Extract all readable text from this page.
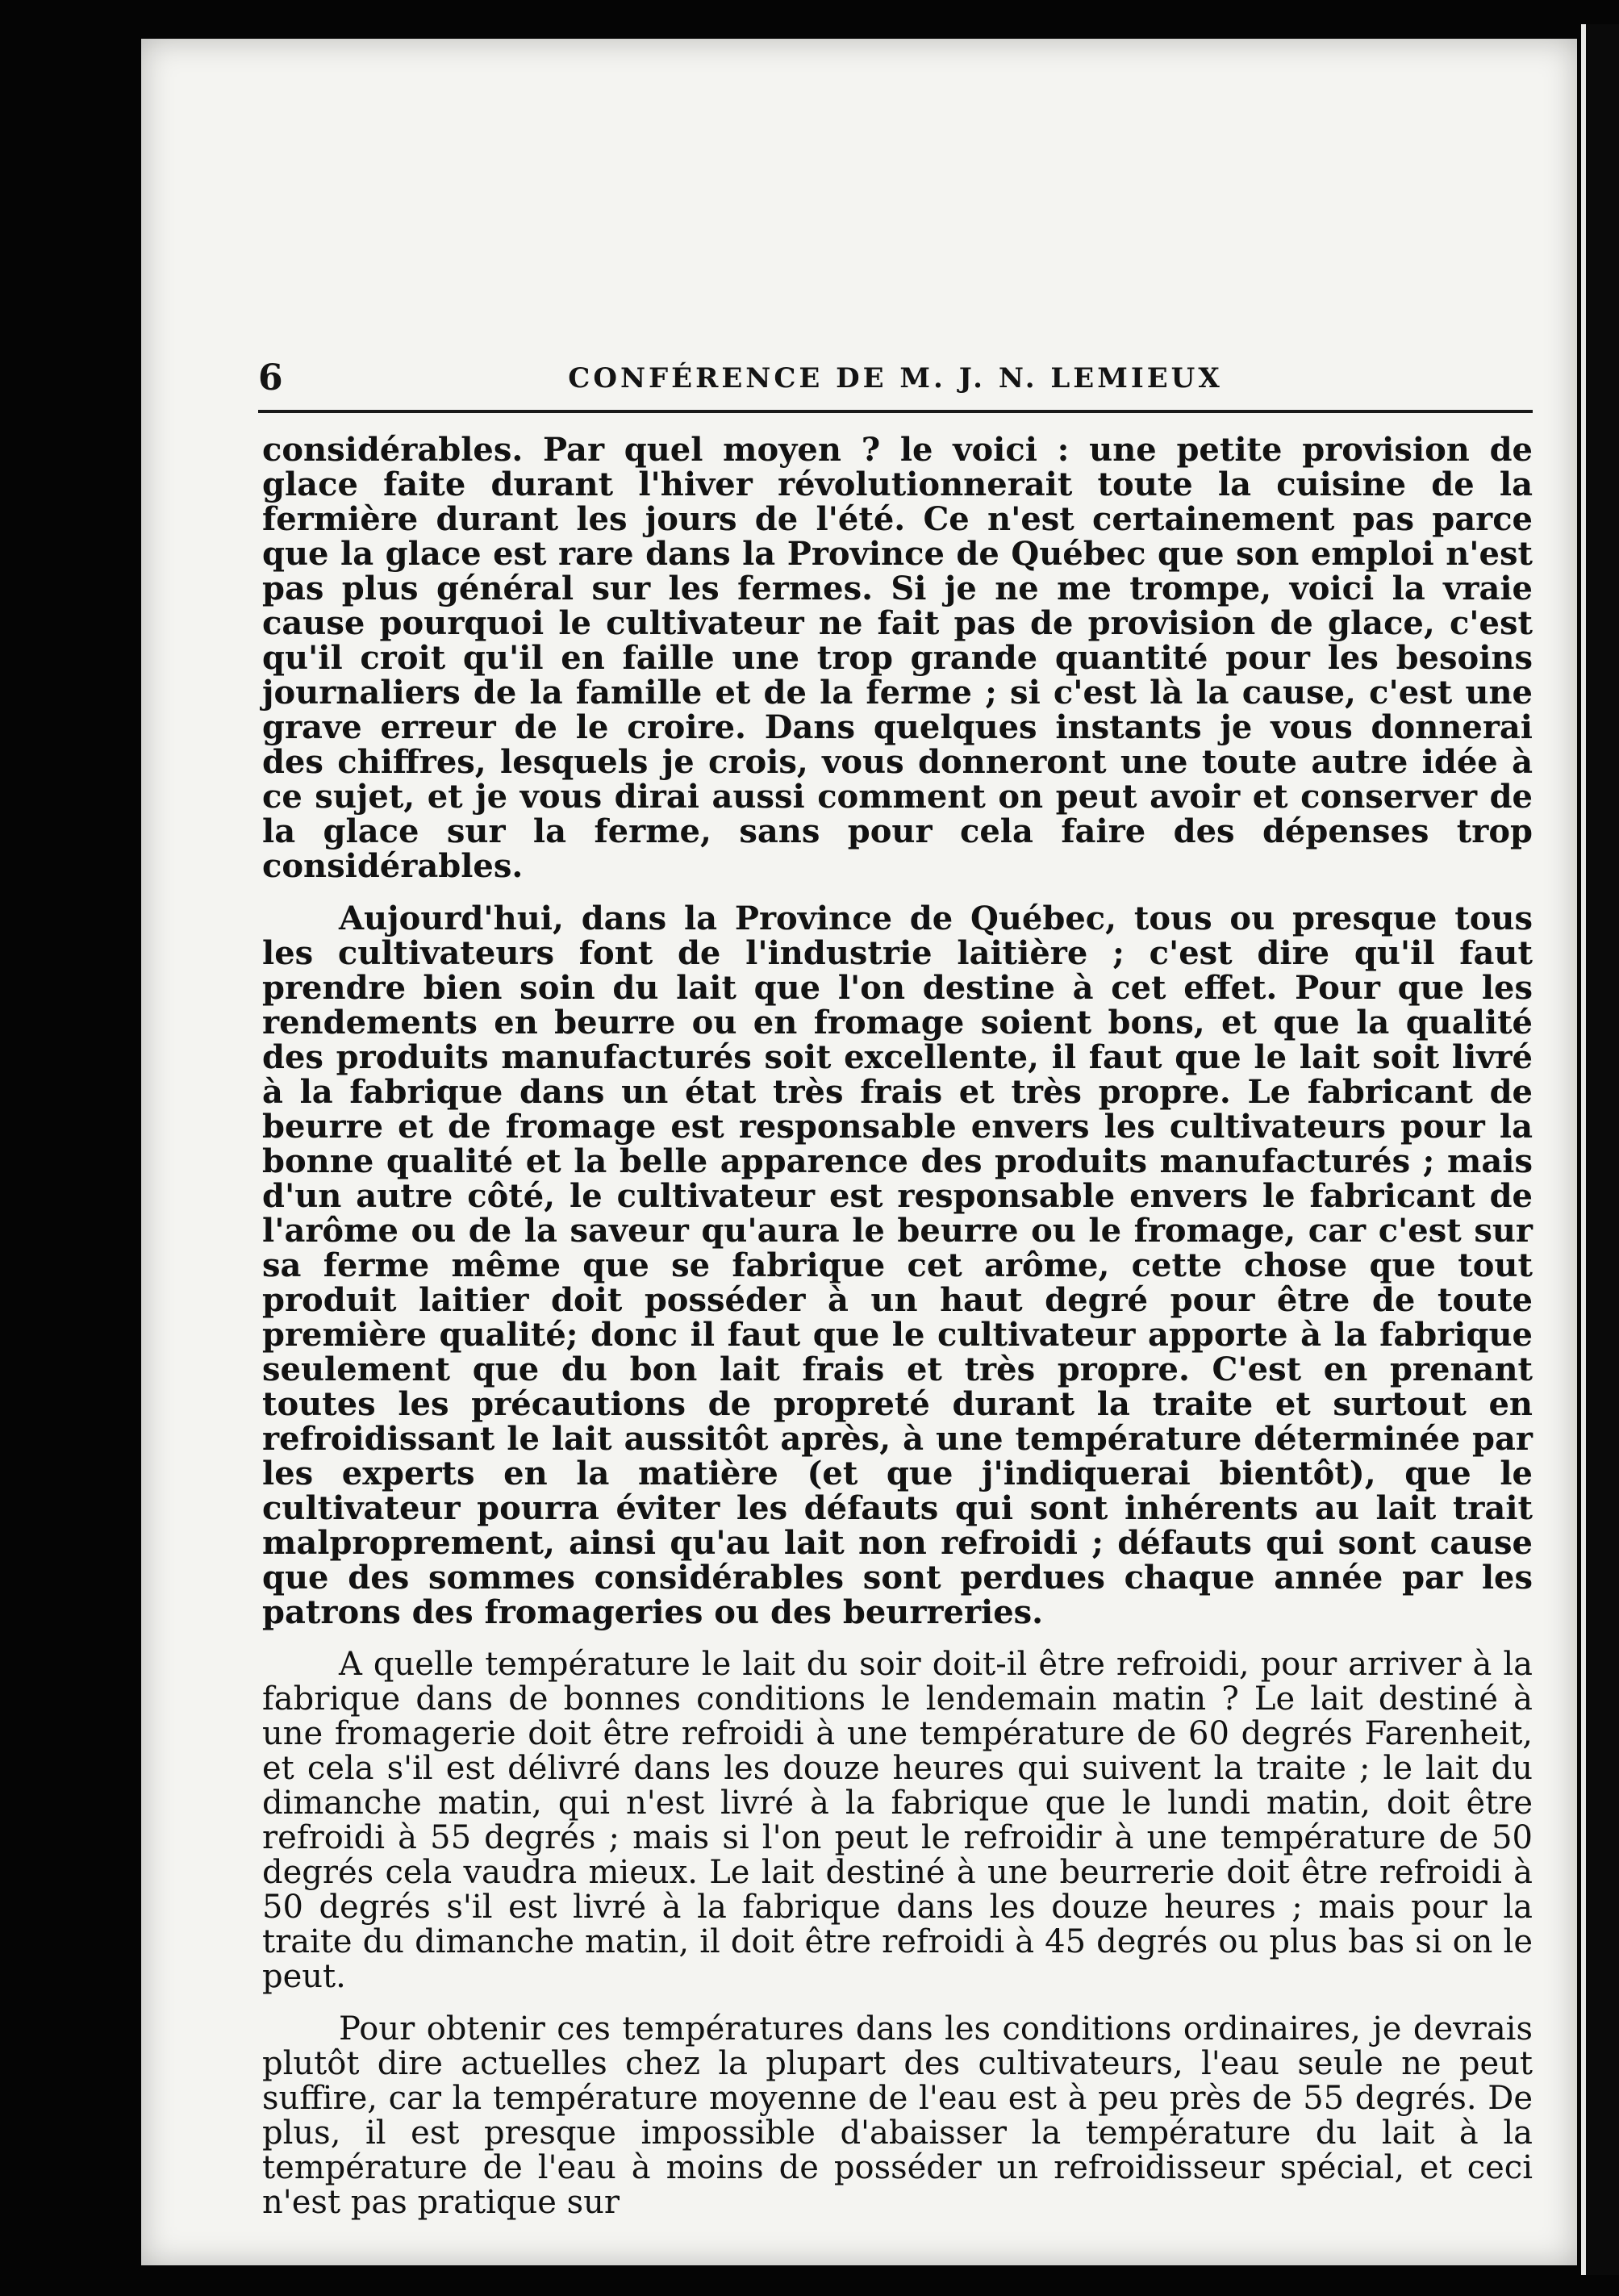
6	CONFÉRENCE DE M. J. N. LEMIEUX

considérables. Par quel moyen ? le voici : une petite provision de glace faite durant l'hiver révolutionnerait toute la cuisine de la fermière durant les jours de l'été. Ce n'est certainement pas parce que la glace est rare dans la Province de Québec que son emploi n'est pas plus général sur les fermes. Si je ne me trompe, voici la vraie cause pourquoi le cultivateur ne fait pas de provision de glace, c'est qu'il croit qu'il en faille une trop grande quantité pour les besoins journaliers de la famille et de la ferme ; si c'est là la cause, c'est une grave erreur de le croire. Dans quelques instants je vous donnerai des chiffres, lesquels je crois, vous donneront une toute autre idée à ce sujet, et je vous dirai aussi comment on peut avoir et conserver de la glace sur la ferme, sans pour cela faire des dépenses trop considérables.

Aujourd'hui, dans la Province de Québec, tous ou presque tous les cultivateurs font de l'industrie laitière ; c'est dire qu'il faut prendre bien soin du lait que l'on destine à cet effet. Pour que les rendements en beurre ou en fromage soient bons, et que la qualité des produits manufacturés soit excellente, il faut que le lait soit livré à la fabrique dans un état très frais et très propre. Le fabricant de beurre et de fromage est responsable envers les cultivateurs pour la bonne qualité et la belle apparence des produits manufacturés ; mais d'un autre côté, le cultivateur est responsable envers le fabricant de l'arôme ou de la saveur qu'aura le beurre ou le fromage, car c'est sur sa ferme même que se fabrique cet arôme, cette chose que tout produit laitier doit posséder à un haut degré pour être de toute première qualité; donc il faut que le cultivateur apporte à la fabrique seulement que du bon lait frais et très propre. C'est en prenant toutes les précautions de propreté durant la traite et surtout en refroidissant le lait aussitôt après, à une température déterminée par les experts en la matière (et que j'indiquerai bientôt), que le cultivateur pourra éviter les défauts qui sont inhérents au lait trait malproprement, ainsi qu'au lait non refroidi ; défauts qui sont cause que des sommes considérables sont perdues chaque année par les patrons des fromageries ou des beurreries.

A quelle température le lait du soir doit-il être refroidi, pour arriver à la fabrique dans de bonnes conditions le lendemain matin ? Le lait destiné à une fromagerie doit être refroidi à une température de 60 degrés Farenheit, et cela s'il est délivré dans les douze heures qui suivent la traite ; le lait du dimanche matin, qui n'est livré à la fabrique que le lundi matin, doit être refroidi à 55 degrés ; mais si l'on peut le refroidir à une température de 50 degrés cela vaudra mieux. Le lait destiné à une beurrerie doit être refroidi à 50 degrés s'il est livré à la fabrique dans les douze heures ; mais pour la traite du dimanche matin, il doit être refroidi à 45 degrés ou plus bas si on le peut.

Pour obtenir ces températures dans les conditions ordinaires, je devrais plutôt dire actuelles chez la plupart des cultivateurs, l'eau seule ne peut suffire, car la température moyenne de l'eau est à peu près de 55 degrés. De plus, il est presque impossible d'abaisser la température du lait à la température de l'eau à moins de posséder un refroidisseur spécial, et ceci n'est pas pratique sur
